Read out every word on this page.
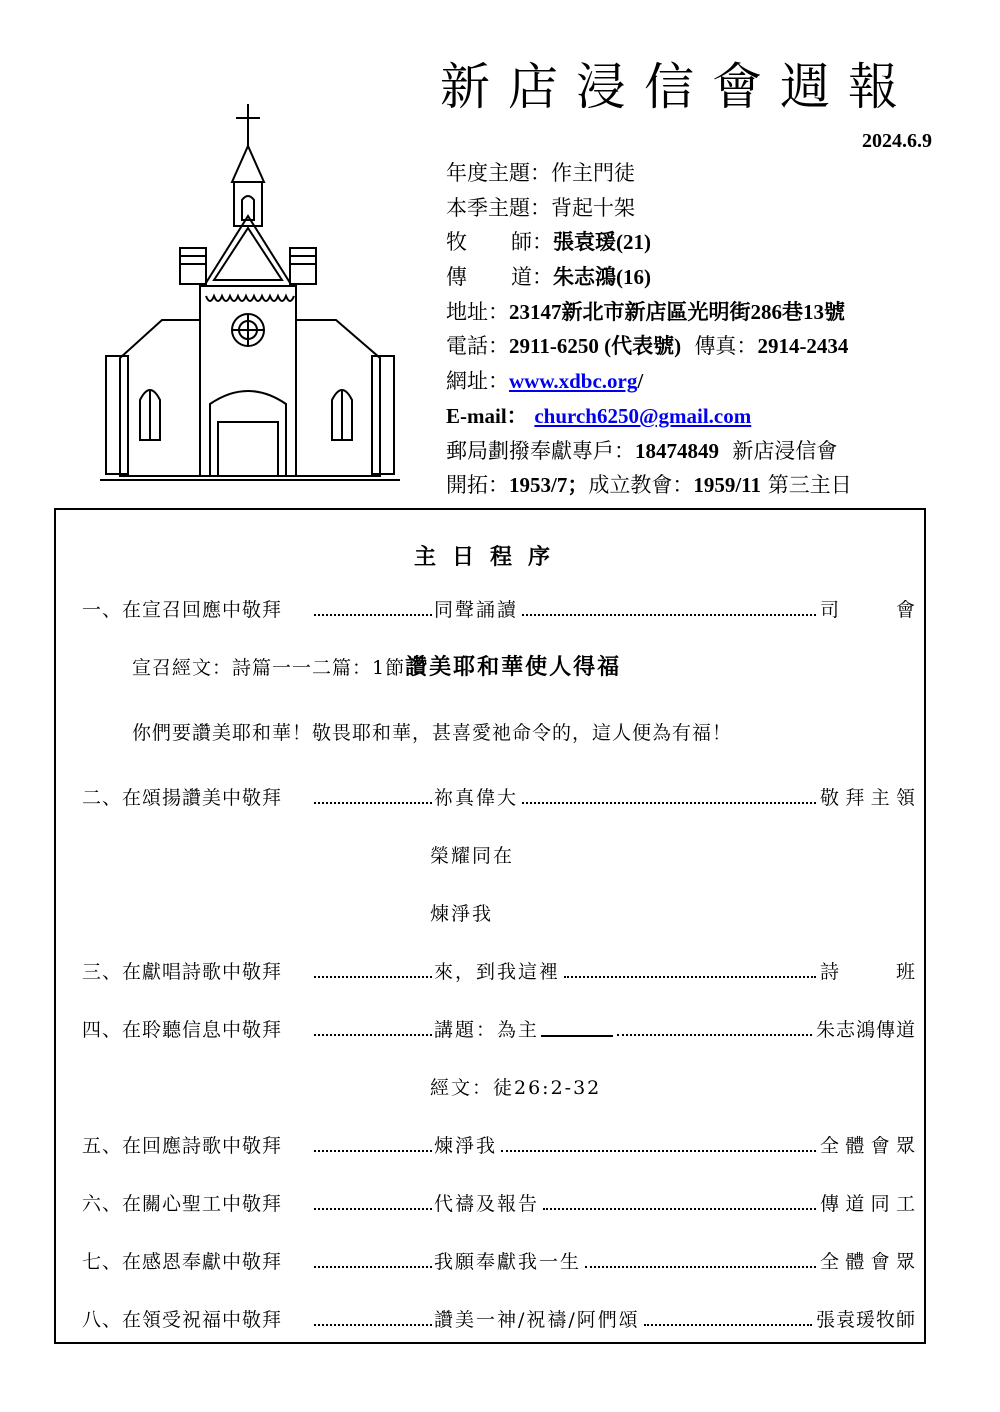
新店浸信會週報
2024.6.9
年度主題：作主門徒
本季主題：背起十架
牧 師：張袁瑗(21)
傳 道：朱志鴻(16)
地址：23147新北市新店區光明街286巷13號
電話：2911-6250 (代表號) 傳真：2914-2434
網址：www.xdbc.org/
E-mail： church6250@gmail.com
郵局劃撥奉獻專戶：18474849 新店浸信會
開拓：1953/7；成立教會：1959/11 第三主日
主日程序
一、在宣召回應中敬拜	同聲誦讀	司會
宣召經文：詩篇一一二篇：1節讚美耶和華使人得福
你們要讚美耶和華！敬畏耶和華，甚喜愛祂命令的，這人便為有福！
二、在頌揚讚美中敬拜	祢真偉大	敬拜主領
榮耀同在
煉淨我
三、在獻唱詩歌中敬拜	來，到我這裡	詩班
四、在聆聽信息中敬拜	講題：為主	朱志鴻傳道
經文：徒26:2-32
五、在回應詩歌中敬拜	煉淨我	全體會眾
六、在關心聖工中敬拜	代禱及報告	傳道同工
七、在感恩奉獻中敬拜	我願奉獻我一生	全體會眾
八、在領受祝福中敬拜	讚美一神/祝禱/阿們頌	張袁瑗牧師
